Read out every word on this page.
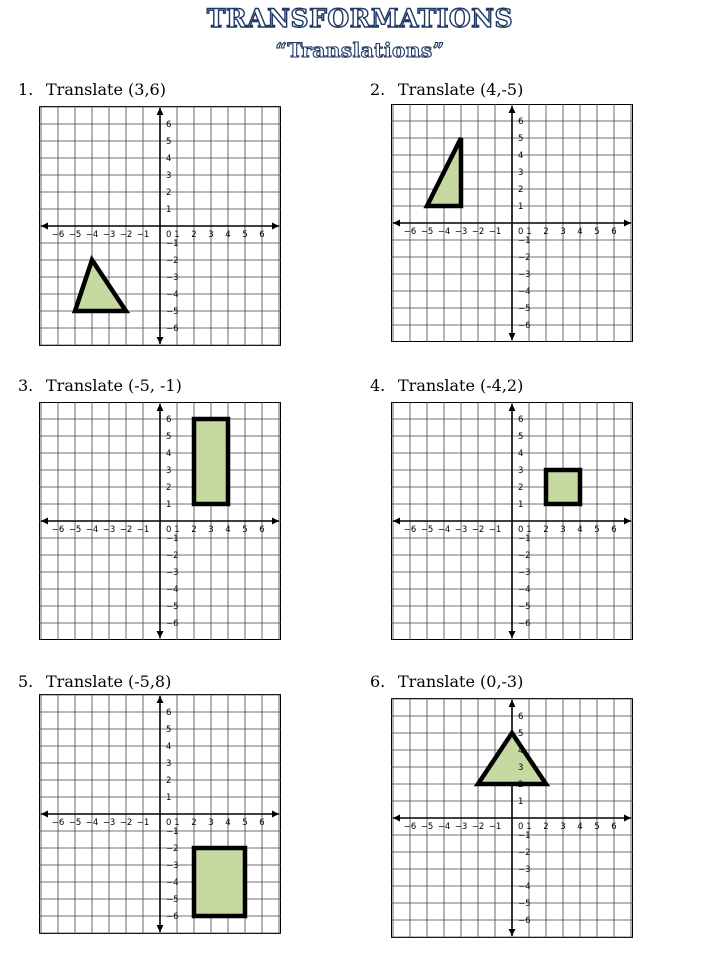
TRANSFORMATIONS
“Translations”
1. Translate (3,6)
−6
−6
−5
−5
−4
−4
−3
−3
−2
−2
−1
−1
1
1
2
2
3
3
4
4
5
5
6
6
0
2. Translate (4,-5)
−6
−6
−5
−5
−4
−4
−3
−3
−2
−2
−1
−1
1
1
2
2
3
3
4
4
5
5
6
6
0
3. Translate (-5, -1)
−6
−6
−5
−5
−4
−4
−3
−3
−2
−2
−1
−1
1
1
2
2
3
3
4
4
5
5
6
6
0
4. Translate (-4,2)
−6
−6
−5
−5
−4
−4
−3
−3
−2
−2
−1
−1
1
1
2
2
3
3
4
4
5
5
6
6
0
5. Translate (-5,8)
−6
−6
−5
−5
−4
−4
−3
−3
−2
−2
−1
−1
1
1
2
2
3
3
4
4
5
5
6
6
0
6. Translate (0,-3)
−6
−6
−5
−5
−4
−4
−3
−3
−2
−2
−1
−1
1
1
2
2
3
3
4
4
5
5
6
6
0
